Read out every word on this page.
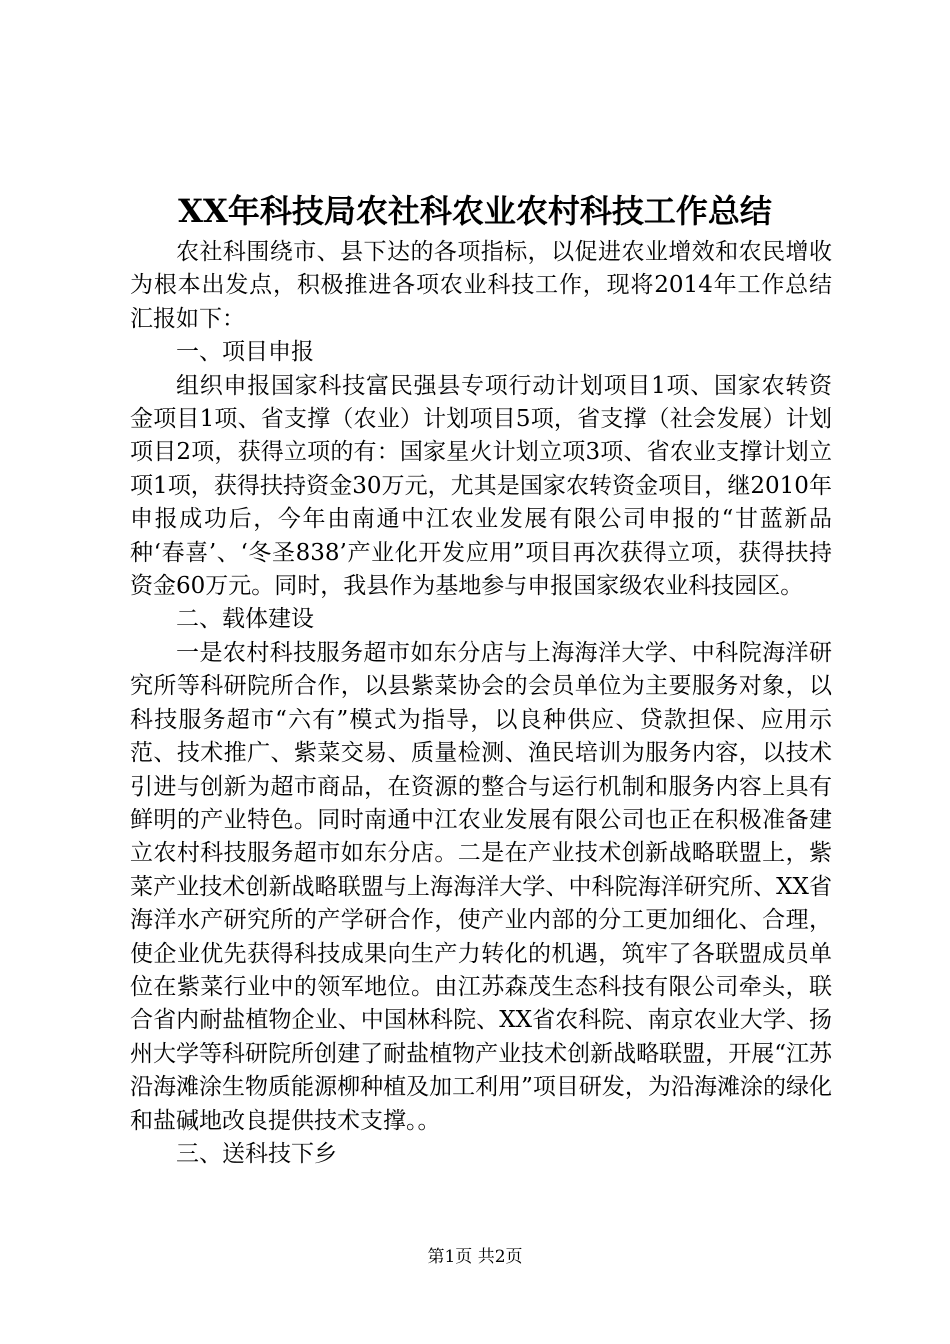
XX年科技局农社科农业农村科技工作总结

农社科围绕市、县下达的各项指标，以促进农业增效和农民增收为根本出发点，积极推进各项农业科技工作，现将2014年工作总结汇报如下：

一、项目申报

组织申报国家科技富民强县专项行动计划项目1项、国家农转资金项目1项、省支撑（农业）计划项目5项，省支撑（社会发展）计划项目2项，获得立项的有：国家星火计划立项3项、省农业支撑计划立项1项，获得扶持资金30万元，尤其是国家农转资金项目，继2010年申报成功后，今年由南通中江农业发展有限公司申报的“甘蓝新品种‘春喜’、‘冬圣838’产业化开发应用”项目再次获得立项，获得扶持资金60万元。同时，我县作为基地参与申报国家级农业科技园区。

二、载体建设

一是农村科技服务超市如东分店与上海海洋大学、中科院海洋研究所等科研院所合作，以县紫菜协会的会员单位为主要服务对象，以科技服务超市“六有”模式为指导，以良种供应、贷款担保、应用示范、技术推广、紫菜交易、质量检测、渔民培训为服务内容，以技术引进与创新为超市商品，在资源的整合与运行机制和服务内容上具有鲜明的产业特色。同时南通中江农业发展有限公司也正在积极准备建立农村科技服务超市如东分店。二是在产业技术创新战略联盟上，紫菜产业技术创新战略联盟与上海海洋大学、中科院海洋研究所、XX省海洋水产研究所的产学研合作，使产业内部的分工更加细化、合理，使企业优先获得科技成果向生产力转化的机遇，筑牢了各联盟成员单位在紫菜行业中的领军地位。由江苏森茂生态科技有限公司牵头，联合省内耐盐植物企业、中国林科院、XX省农科院、南京农业大学、扬州大学等科研院所创建了耐盐植物产业技术创新战略联盟，开展“江苏沿海滩涂生物质能源柳种植及加工利用”项目研发，为沿海滩涂的绿化和盐碱地改良提供技术支撑。。

三、送科技下乡

第1页 共2页
